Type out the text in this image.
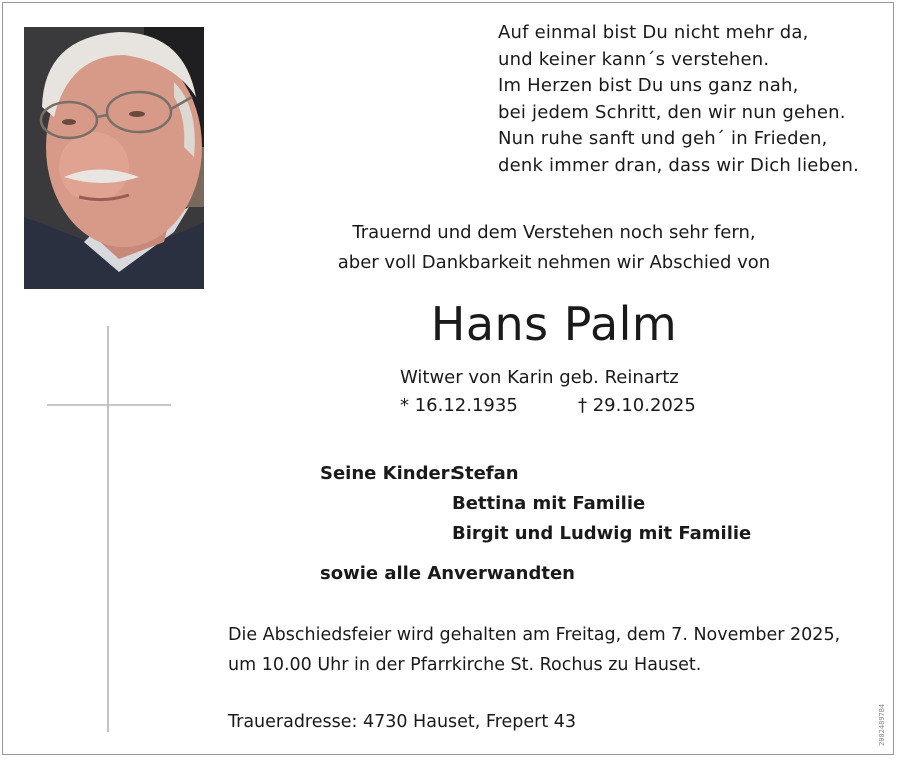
Auf einmal bist Du nicht mehr da,
und keiner kann´s verstehen.
Im Herzen bist Du uns ganz nah,
bei jedem Schritt, den wir nun gehen.
Nun ruhe sanft und geh´ in Frieden,
denk immer dran, dass wir Dich lieben.
Trauernd und dem Verstehen noch sehr fern,
aber voll Dankbarkeit nehmen wir Abschied von
Hans Palm
Witwer von Karin geb. Reinartz
* 16.12.1935	† 29.10.2025
Seine Kinder:
Stefan
Bettina mit Familie
Birgit und Ludwig mit Familie
sowie alle Anverwandten
Die Abschiedsfeier wird gehalten am Freitag, dem 7. November 2025,
um 10.00 Uhr in der Pfarrkirche St. Rochus zu Hauset.
Traueradresse: 4730 Hauset, Frepert 43	20024897B4
